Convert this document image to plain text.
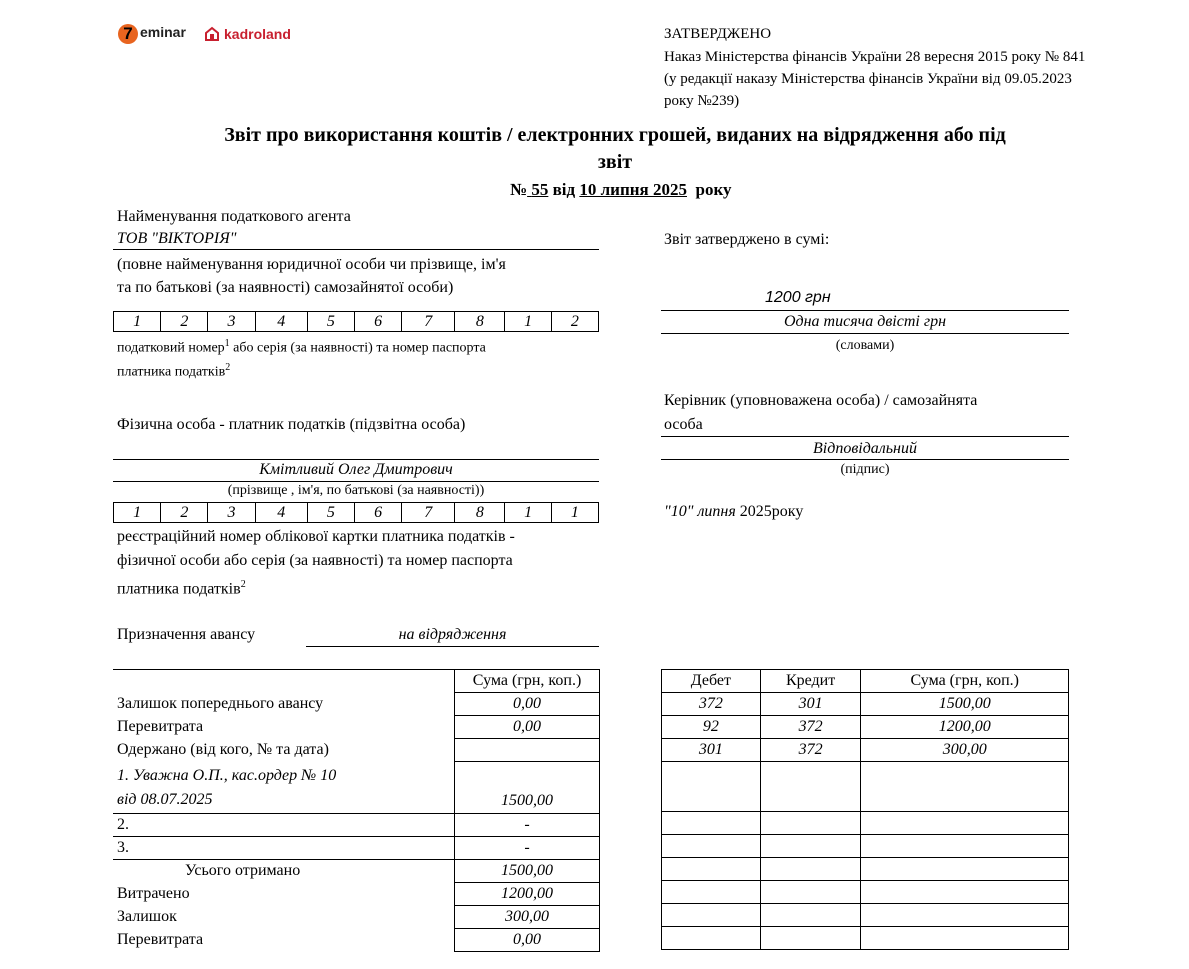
7 eminar	kadroland	ЗАТВЕРДЖЕНО
Наказ Міністерства фінансів України 28 вересня 2015 року № 841
(у редакції наказу Міністерства фінансів України від 09.05.2023
року №239)
Звіт про використання коштів / електронних грошей, виданих на відрядження або під
звіт
№ 55 від 10 липня 2025 року
Найменування податкового агента
ТОВ "ВІКТОРІЯ"
(повне найменування юридичної особи чи прізвище, ім'я
та по батькові (за наявності) самозайнятої особи)
1	2	3	4	5	6	7	8	1	2
податковий номер$^1$ або серія (за наявності) та номер паспорта
платника податків$^2$
Звіт затверджено в сумі:
1200 грн
Одна тисяча двісті грн
(словами)
Керівник (уповноважена особа) / самозайнята
особа
Відповідальний
(підпис)
"10" липня 2025року
Фізична особа - платник податків (підзвітна особа)
Кмітливий Олег Дмитрович
(прізвище , ім'я, по батькові (за наявності))
1	2	3	4	5	6	7	8	1	1
реєстраційний номер облікової картки платника податків -
фізичної особи або серія (за наявності) та номер паспорта
платника податків$^2$
Призначення авансу	на відрядження
	Сума (грн, коп.)
Залишок попереднього авансу	0,00
Перевитрата	0,00
Одержано (від кого, № та дата)	

1. Уважна О.П., кас.ордер № 10
від 08.07.2025	1500,00
2.	-
3.	-
Усього отримано	1500,00
Витрачено	1200,00
Залишок	300,00
Перевитрата	0,00
Дебет	Кредит	Сума (грн, коп.)
372	301	1500,00
92	372	1200,00
301	372	300,00
